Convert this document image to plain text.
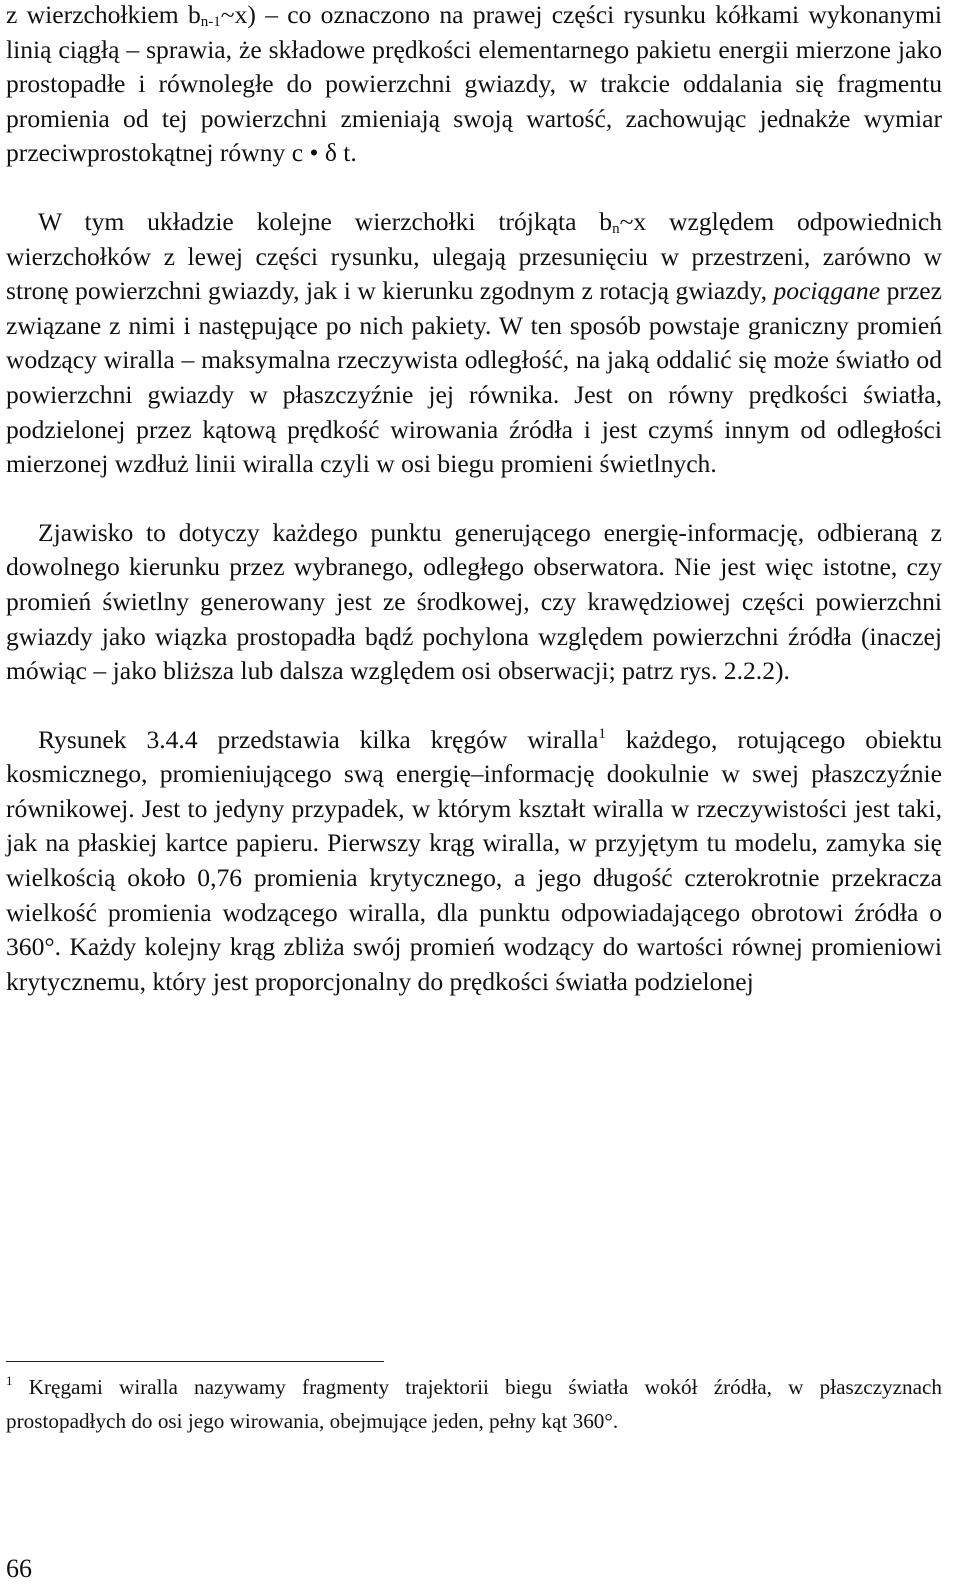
z wierzchołkiem $b_{n-1}\sim x$) – co oznaczono na prawej części rysunku kółkami wykonanymi linią ciągłą – sprawia, że składowe prędkości elementarnego pakietu energii mierzone jako prostopadłe i równoległe do powierzchni gwiazdy, w trakcie oddalania się fragmentu promienia od tej powierzchni zmieniają swoją wartość, zachowując jednakże wymiar przeciwprostokątnej równy c • δ t.

W tym układzie kolejne wierzchołki trójkąta $b_n\sim x$ względem odpowiednich wierzchołków z lewej części rysunku, ulegają przesunięciu w przestrzeni, zarówno w stronę powierzchni gwiazdy, jak i w kierunku zgodnym z rotacją gwiazdy, pociągane przez związane z nimi i następujące po nich pakiety. W ten sposób powstaje graniczny promień wodzący wiralla – maksymalna rzeczywista odległość, na jaką oddalić się może światło od powierzchni gwiazdy w płaszczyźnie jej równika. Jest on równy prędkości światła, podzielonej przez kątową prędkość wirowania źródła i jest czymś innym od odległości mierzonej wzdłuż linii wiralla czyli w osi biegu promieni świetlnych.

Zjawisko to dotyczy każdego punktu generującego energię-informację, odbieraną z dowolnego kierunku przez wybranego, odległego obserwatora. Nie jest więc istotne, czy promień świetlny generowany jest ze środkowej, czy krawędziowej części powierzchni gwiazdy jako wiązka prostopadła bądź pochylona względem powierzchni źródła (inaczej mówiąc – jako bliższa lub dalsza względem osi obserwacji; patrz rys. 2.2.2).

Rysunek 3.4.4 przedstawia kilka kręgów wiralla$^1$ każdego, rotującego obiektu kosmicznego, promieniującego swą energię–informację dookulnie w swej płaszczyźnie równikowej. Jest to jedyny przypadek, w którym kształt wiralla w rzeczywistości jest taki, jak na płaskiej kartce papieru. Pierwszy krąg wiralla, w przyjętym tu modelu, zamyka się wielkością około 0,76 promienia krytycznego, a jego długość czterokrotnie przekracza wielkość promienia wodzącego wiralla, dla punktu odpowiadającego obrotowi źródła o 360°. Każdy kolejny krąg zbliża swój promień wodzący do wartości równej promieniowi krytycznemu, który jest proporcjonalny do prędkości światła podzielonej

$^1$ Kręgami wiralla nazywamy fragmenty trajektorii biegu światła wokół źródła, w płaszczyznach prostopadłych do osi jego wirowania, obejmujące jeden, pełny kąt 360°.
66
